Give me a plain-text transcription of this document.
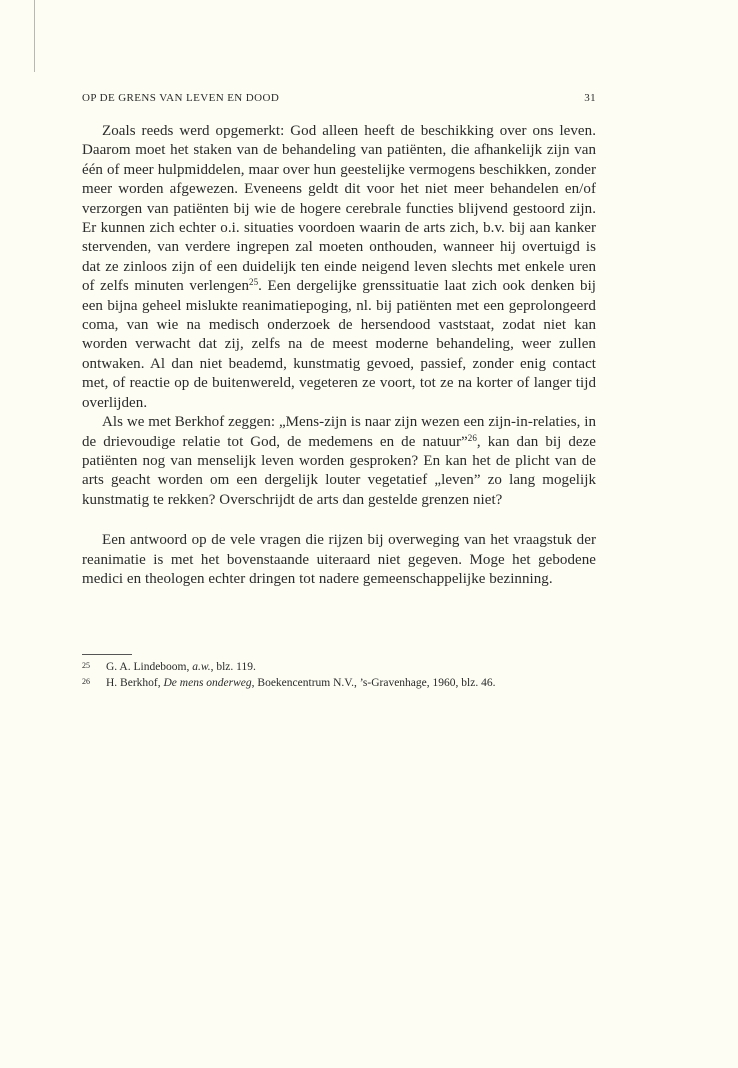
OP DE GRENS VAN LEVEN EN DOOD	31

Zoals reeds werd opgemerkt: God alleen heeft de beschikking over ons leven. Daarom moet het staken van de behandeling van patiënten, die afhankelijk zijn van één of meer hulpmiddelen, maar over hun geestelijke vermogens beschikken, zonder meer worden afgewezen. Eveneens geldt dit voor het niet meer behandelen en/of verzorgen van patiënten bij wie de hogere cerebrale functies blijvend gestoord zijn. Er kunnen zich echter o.i. situaties voordoen waarin de arts zich, b.v. bij aan kanker stervenden, van verdere ingrepen zal moeten onthouden, wanneer hij overtuigd is dat ze zinloos zijn of een duidelijk ten einde neigend leven slechts met enkele uren of zelfs minuten verlengen$^{25}$. Een dergelijke grenssituatie laat zich ook denken bij een bijna geheel mislukte reanimatiepoging, nl. bij patiënten met een geprolongeerd coma, van wie na medisch onderzoek de hersendood vaststaat, zodat niet kan worden verwacht dat zij, zelfs na de meest moderne behandeling, weer zullen ontwaken. Al dan niet beademd, kunstmatig gevoed, passief, zonder enig contact met, of reactie op de buitenwereld, vegeteren ze voort, tot ze na korter of langer tijd overlijden.

Als we met Berkhof zeggen: „Mens-zijn is naar zijn wezen een zijn-in-relaties, in de drievoudige relatie tot God, de medemens en de natuur”$^{26}$, kan dan bij deze patiënten nog van menselijk leven worden gesproken? En kan het de plicht van de arts geacht worden om een dergelijk louter vegetatief „leven” zo lang mogelijk kunstmatig te rekken? Overschrijdt de arts dan gestelde grenzen niet?

Een antwoord op de vele vragen die rijzen bij overweging van het vraagstuk der reanimatie is met het bovenstaande uiteraard niet gegeven. Moge het gebodene medici en theologen echter dringen tot nadere gemeenschappelijke bezinning.

25 G. A. Lindeboom, a.w., blz. 119.
26 H. Berkhof, De mens onderweg, Boekencentrum N.V., ’s-Gravenhage, 1960, blz. 46.
